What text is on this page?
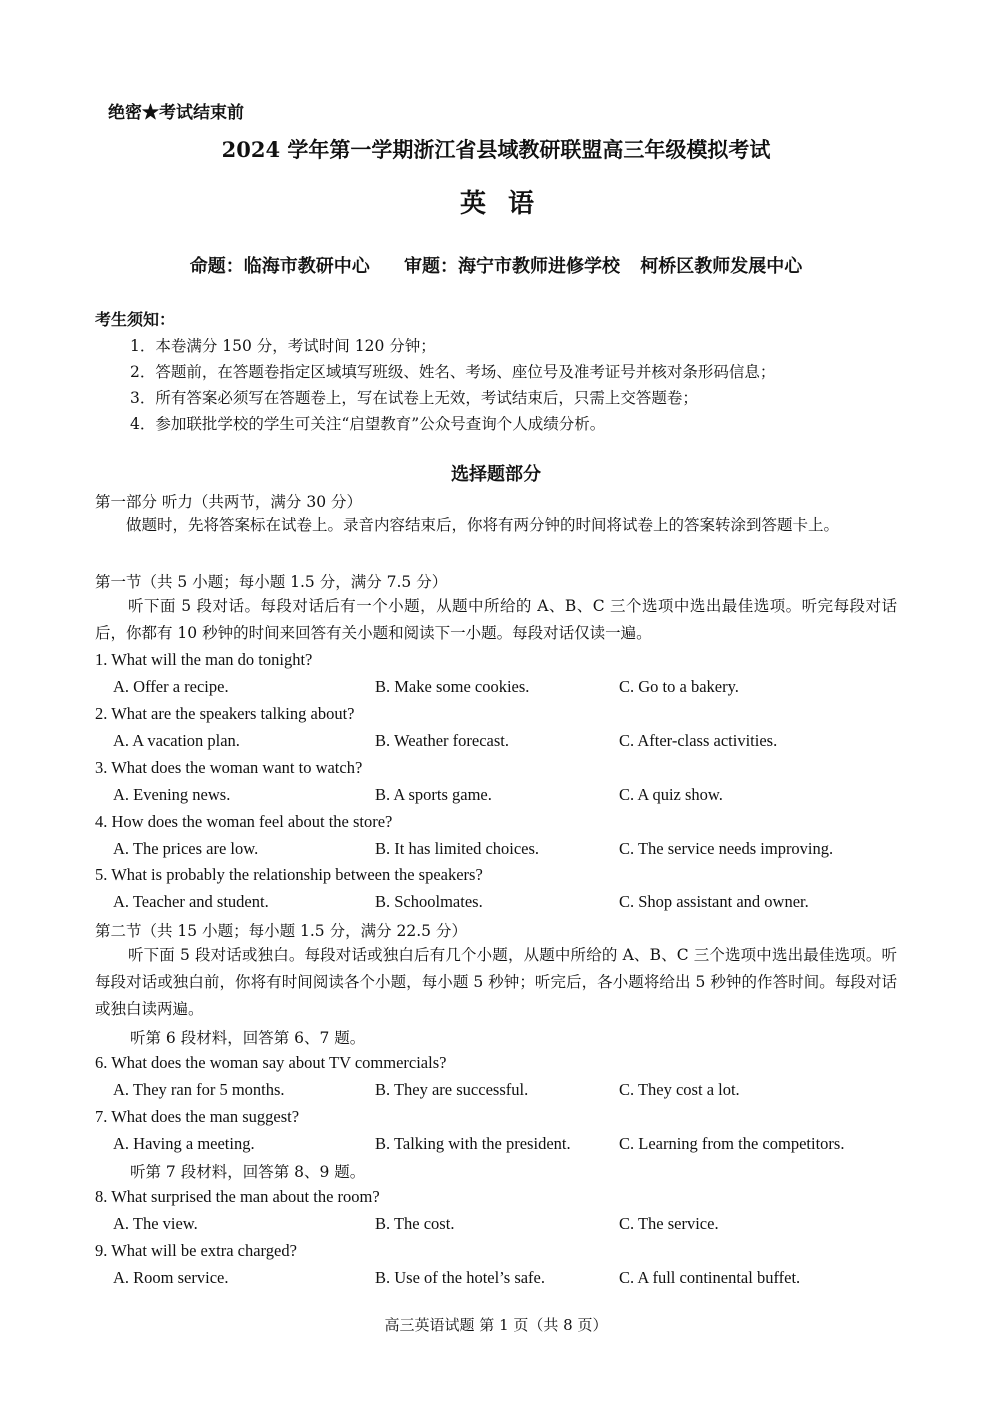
绝密★考试结束前
2024 学年第一学期浙江省县域教研联盟高三年级模拟考试
英语
命题：临海市教研中心 审题：海宁市教师进修学校 柯桥区教师发展中心
考生须知：
1．本卷满分 150 分，考试时间 120 分钟；
2．答题前，在答题卷指定区域填写班级、姓名、考场、座位号及准考证号并核对条形码信息；
3．所有答案必须写在答题卷上，写在试卷上无效，考试结束后，只需上交答题卷；
4．参加联批学校的学生可关注“启望教育”公众号查询个人成绩分析。
选择题部分
第一部分 听力（共两节，满分 30 分）
做题时，先将答案标在试卷上。录音内容结束后，你将有两分钟的时间将试卷上的答案转涂到答题卡上。
第一节（共 5 小题；每小题 1.5 分，满分 7.5 分）
听下面 5 段对话。每段对话后有一个小题，从题中所给的 A、B、C 三个选项中选出最佳选项。听完每段对话后，你都有 10 秒钟的时间来回答有关小题和阅读下一小题。每段对话仅读一遍。
1. What will the man do tonight?
A. Offer a recipe.	B. Make some cookies.	C. Go to a bakery.
2. What are the speakers talking about?
A. A vacation plan.	B. Weather forecast.	C. After-class activities.
3. What does the woman want to watch?
A. Evening news.	B. A sports game.	C. A quiz show.
4. How does the woman feel about the store?
A. The prices are low.	B. It has limited choices.	C. The service needs improving.
5. What is probably the relationship between the speakers?
A. Teacher and student.	B. Schoolmates.	C. Shop assistant and owner.
第二节（共 15 小题；每小题 1.5 分，满分 22.5 分）
听下面 5 段对话或独白。每段对话或独白后有几个小题，从题中所给的 A、B、C 三个选项中选出最佳选项。听每段对话或独白前，你将有时间阅读各个小题，每小题 5 秒钟；听完后，各小题将给出 5 秒钟的作答时间。每段对话或独白读两遍。
听第 6 段材料，回答第 6、7 题。
6. What does the woman say about TV commercials?
A. They ran for 5 months.	B. They are successful.	C. They cost a lot.
7. What does the man suggest?
A. Having a meeting.	B. Talking with the president.	C. Learning from the competitors.
听第 7 段材料，回答第 8、9 题。
8. What surprised the man about the room?
A. The view.	B. The cost.	C. The service.
9. What will be extra charged?
A. Room service.	B. Use of the hotel’s safe.	C. A full continental buffet.
高三英语试题 第 1 页（共 8 页）
